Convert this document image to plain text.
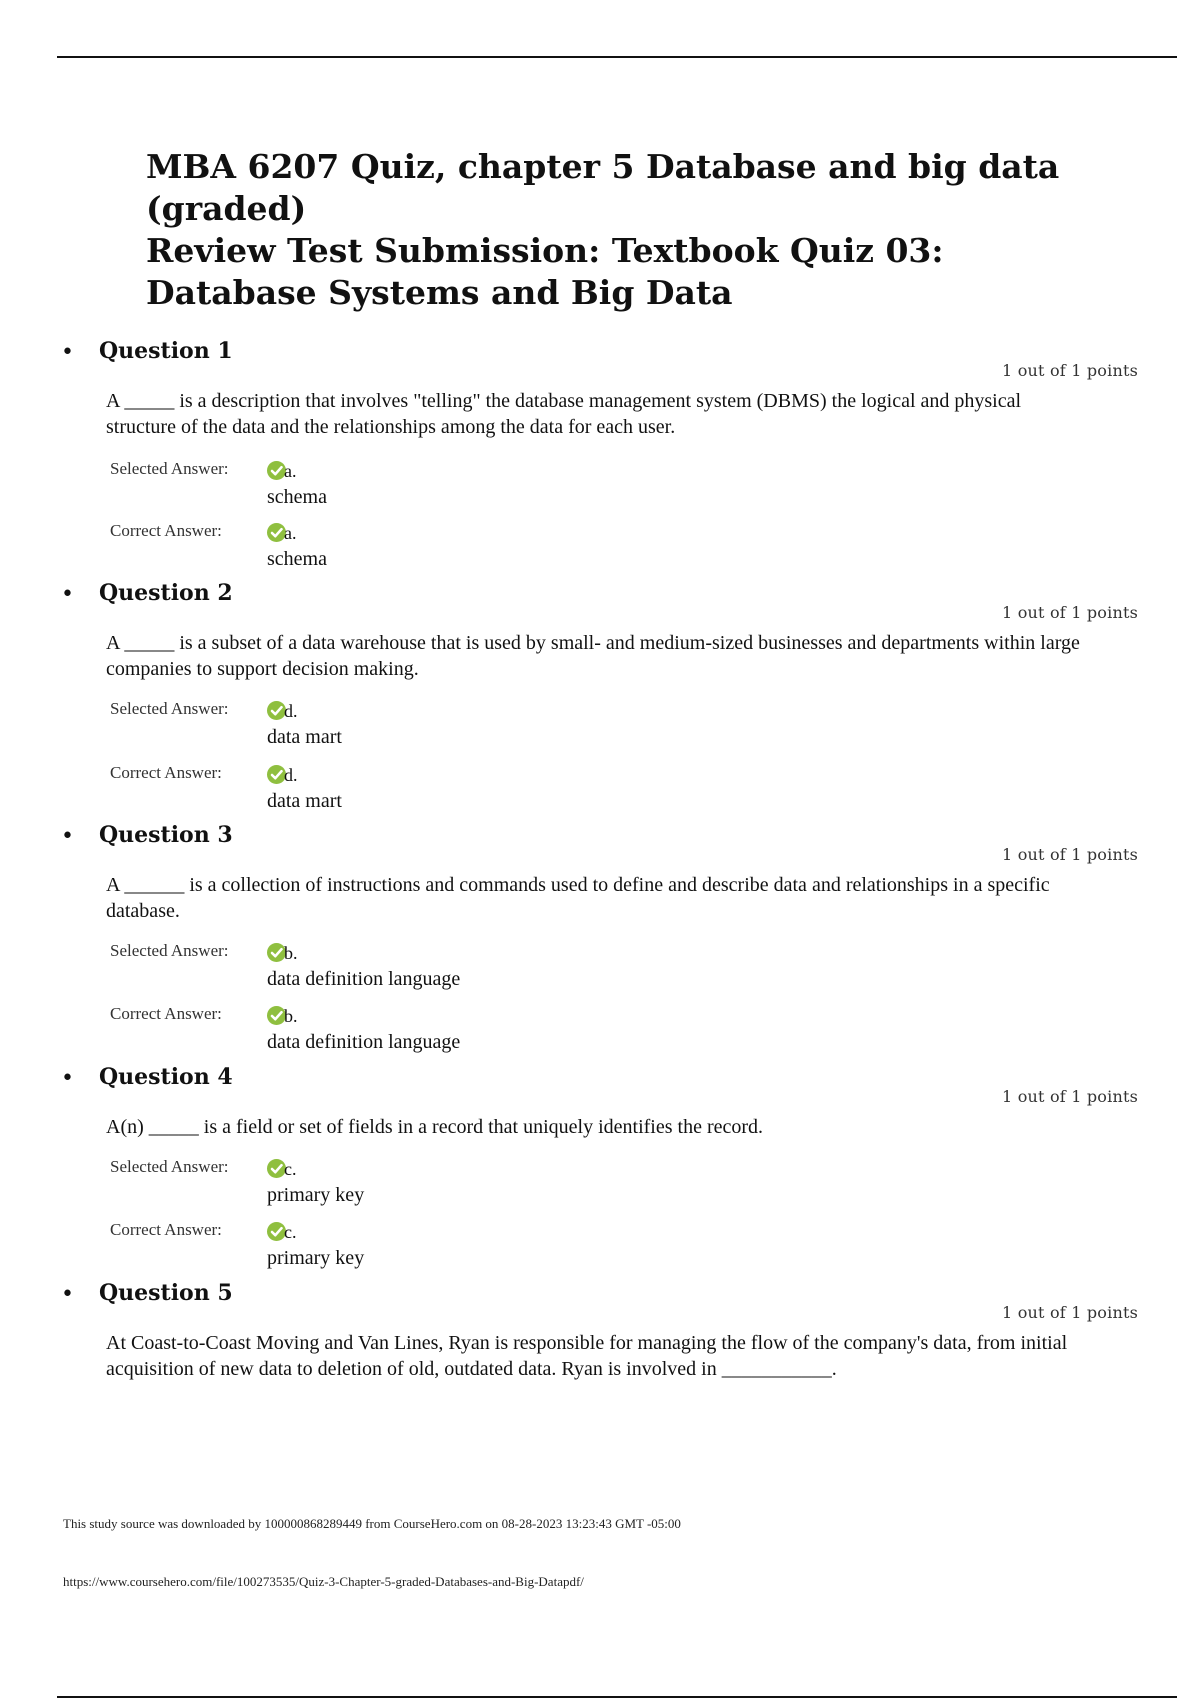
MBA 6207 Quiz, chapter 5 Database and big data (graded)
Review Test Submission: Textbook Quiz 03: Database Systems and Big Data
• Question 1
1 out of 1 points

A _____ is a description that involves "telling" the database management system (DBMS) the logical and physical structure of the data and the relationships among the data for each user.

Selected Answer:	a.
schema
Correct Answer:	a.
schema
• Question 2
1 out of 1 points

A _____ is a subset of a data warehouse that is used by small- and medium-sized businesses and departments within large companies to support decision making.

Selected Answer:	d.
data mart
Correct Answer:	d.
data mart
• Question 3
1 out of 1 points

A ______ is a collection of instructions and commands used to define and describe data and relationships in a specific database.

Selected Answer:	b.
data definition language
Correct Answer:	b.
data definition language
• Question 4
1 out of 1 points

A(n) _____ is a field or set of fields in a record that uniquely identifies the record.

Selected Answer:	c.
primary key
Correct Answer:	c.
primary key
• Question 5
1 out of 1 points

At Coast-to-Coast Moving and Van Lines, Ryan is responsible for managing the flow of the company's data, from initial acquisition of new data to deletion of old, outdated data. Ryan is involved in ___________.

This study source was downloaded by 100000868289449 from CourseHero.com on 08-28-2023 13:23:43 GMT -05:00

https://www.coursehero.com/file/100273535/Quiz-3-Chapter-5-graded-Databases-and-Big-Datapdf/
